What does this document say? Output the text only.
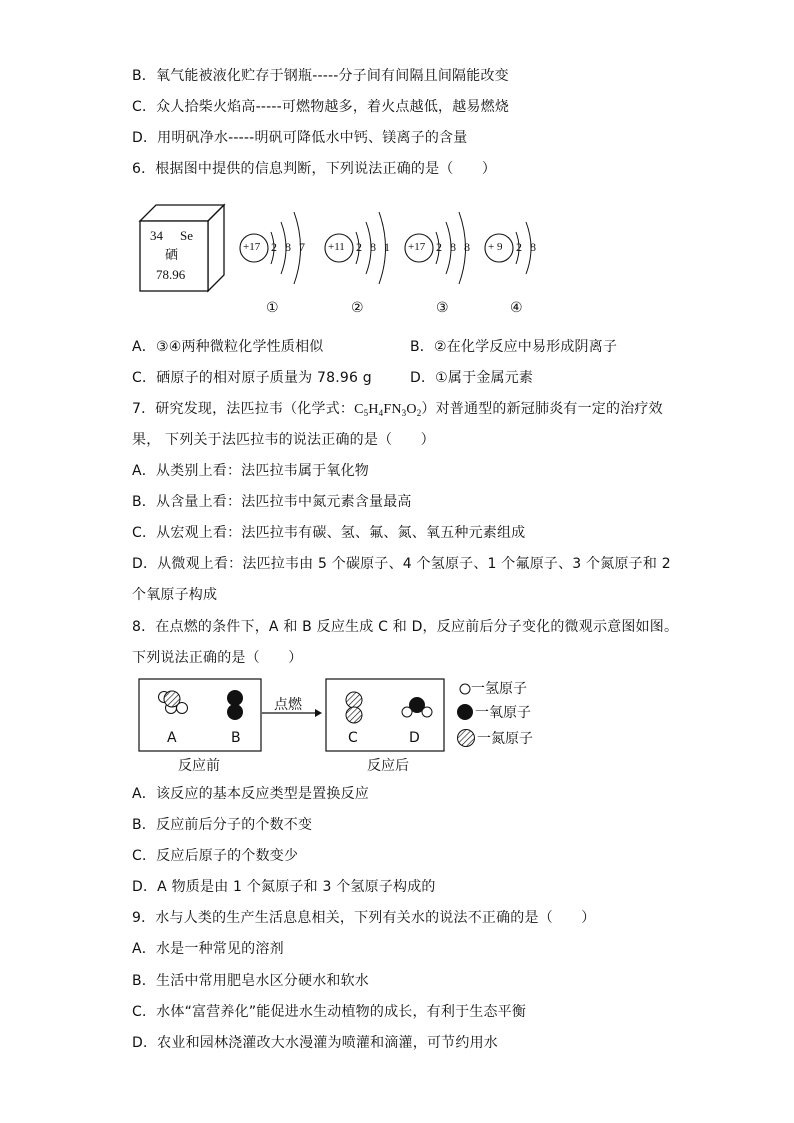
B．氧气能被液化贮存于钢瓶-----分子间有间隔且间隔能改变
C．众人拾柴火焰高-----可燃物越多，着火点越低，越易燃烧
D．用明矾净水-----明矾可降低水中钙、镁离子的含量
6．根据图中提供的信息判断，下列说法正确的是（　　）
34 Se
硒
78.96
+17 2 8 7
①
+11 2 8 1
②
+17 2 8 8
③
+ 9 2 8
④
A．③④两种微粒化学性质相似	B．②在化学反应中易形成阴离子
C．硒原子的相对原子质量为 78.96 g	D．①属于金属元素
7．研究发现，法匹拉韦（化学式：$C_5H_4FN_3O_2$）对普通型的新冠肺炎有一定的治疗效
果， 下列关于法匹拉韦的说法正确的是（　　）
A．从类别上看：法匹拉韦属于氧化物
B．从含量上看：法匹拉韦中氮元素含量最高
C．从宏观上看：法匹拉韦有碳、氢、氟、氮、氧五种元素组成
D．从微观上看：法匹拉韦由 5 个碳原子、4 个氢原子、1 个氟原子、3 个氮原子和 2
个氧原子构成
8．在点燃的条件下，A 和 B 反应生成 C 和 D，反应前后分子变化的微观示意图如图。
下列说法正确的是（　　）
A	B
点燃
C	D
反应前	反应后
一氢原子
一氧原子
一氮原子
A．该反应的基本反应类型是置换反应
B．反应前后分子的个数不变
C．反应后原子的个数变少
D．A 物质是由 1 个氮原子和 3 个氢原子构成的
9．水与人类的生产生活息息相关，下列有关水的说法不正确的是（　　）
A．水是一种常见的溶剂
B．生活中常用肥皂水区分硬水和软水
C．水体“富营养化”能促进水生动植物的成长，有利于生态平衡
D．农业和园林浇灌改大水漫灌为喷灌和滴灌，可节约用水
